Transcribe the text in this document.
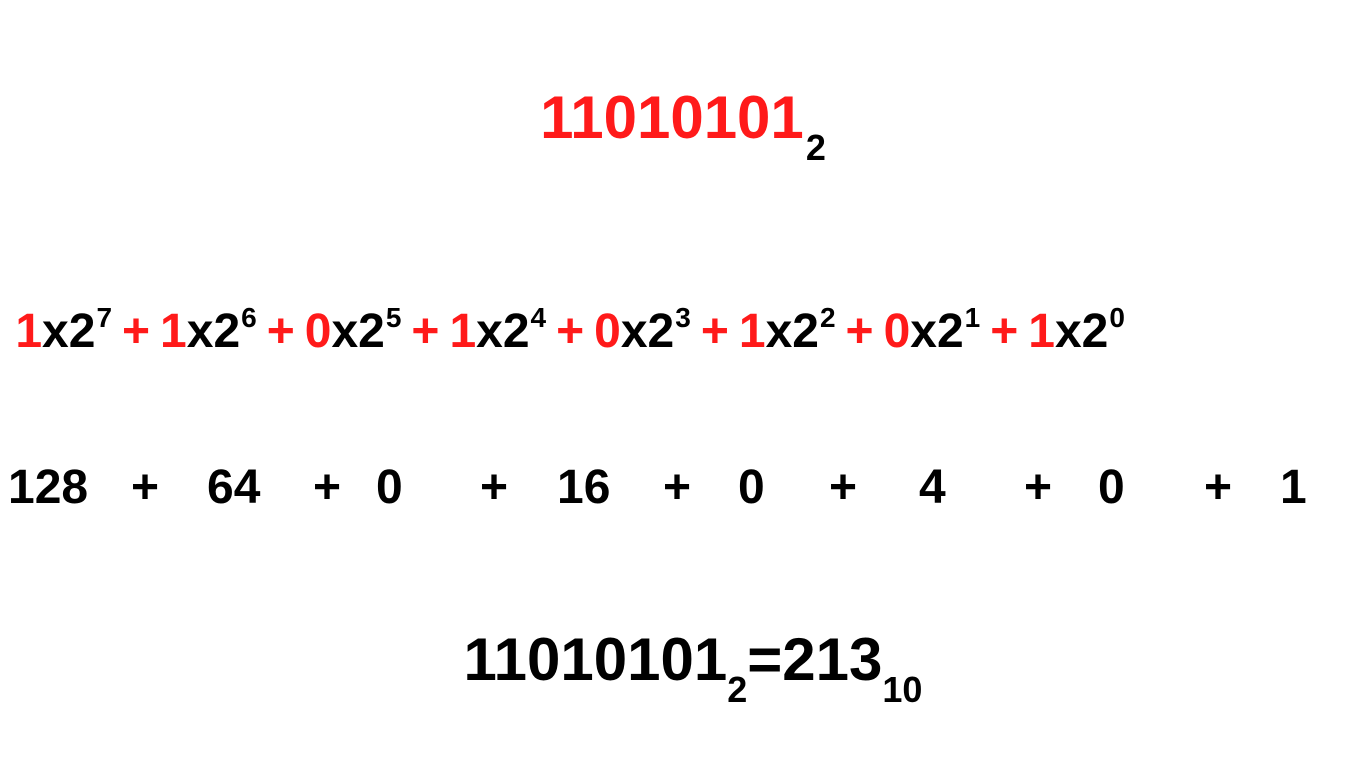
$11010101_2$
$1x2^7 + 1x2^6 + 0x2^5 + 1x2^4 + 0x2^3 + 1x2^2 + 0x2^1 + 1x2^0$
128 + 64 + 0 + 16 + 0 + 4 + 0 + 1
$11010101_2=213_{10}$
